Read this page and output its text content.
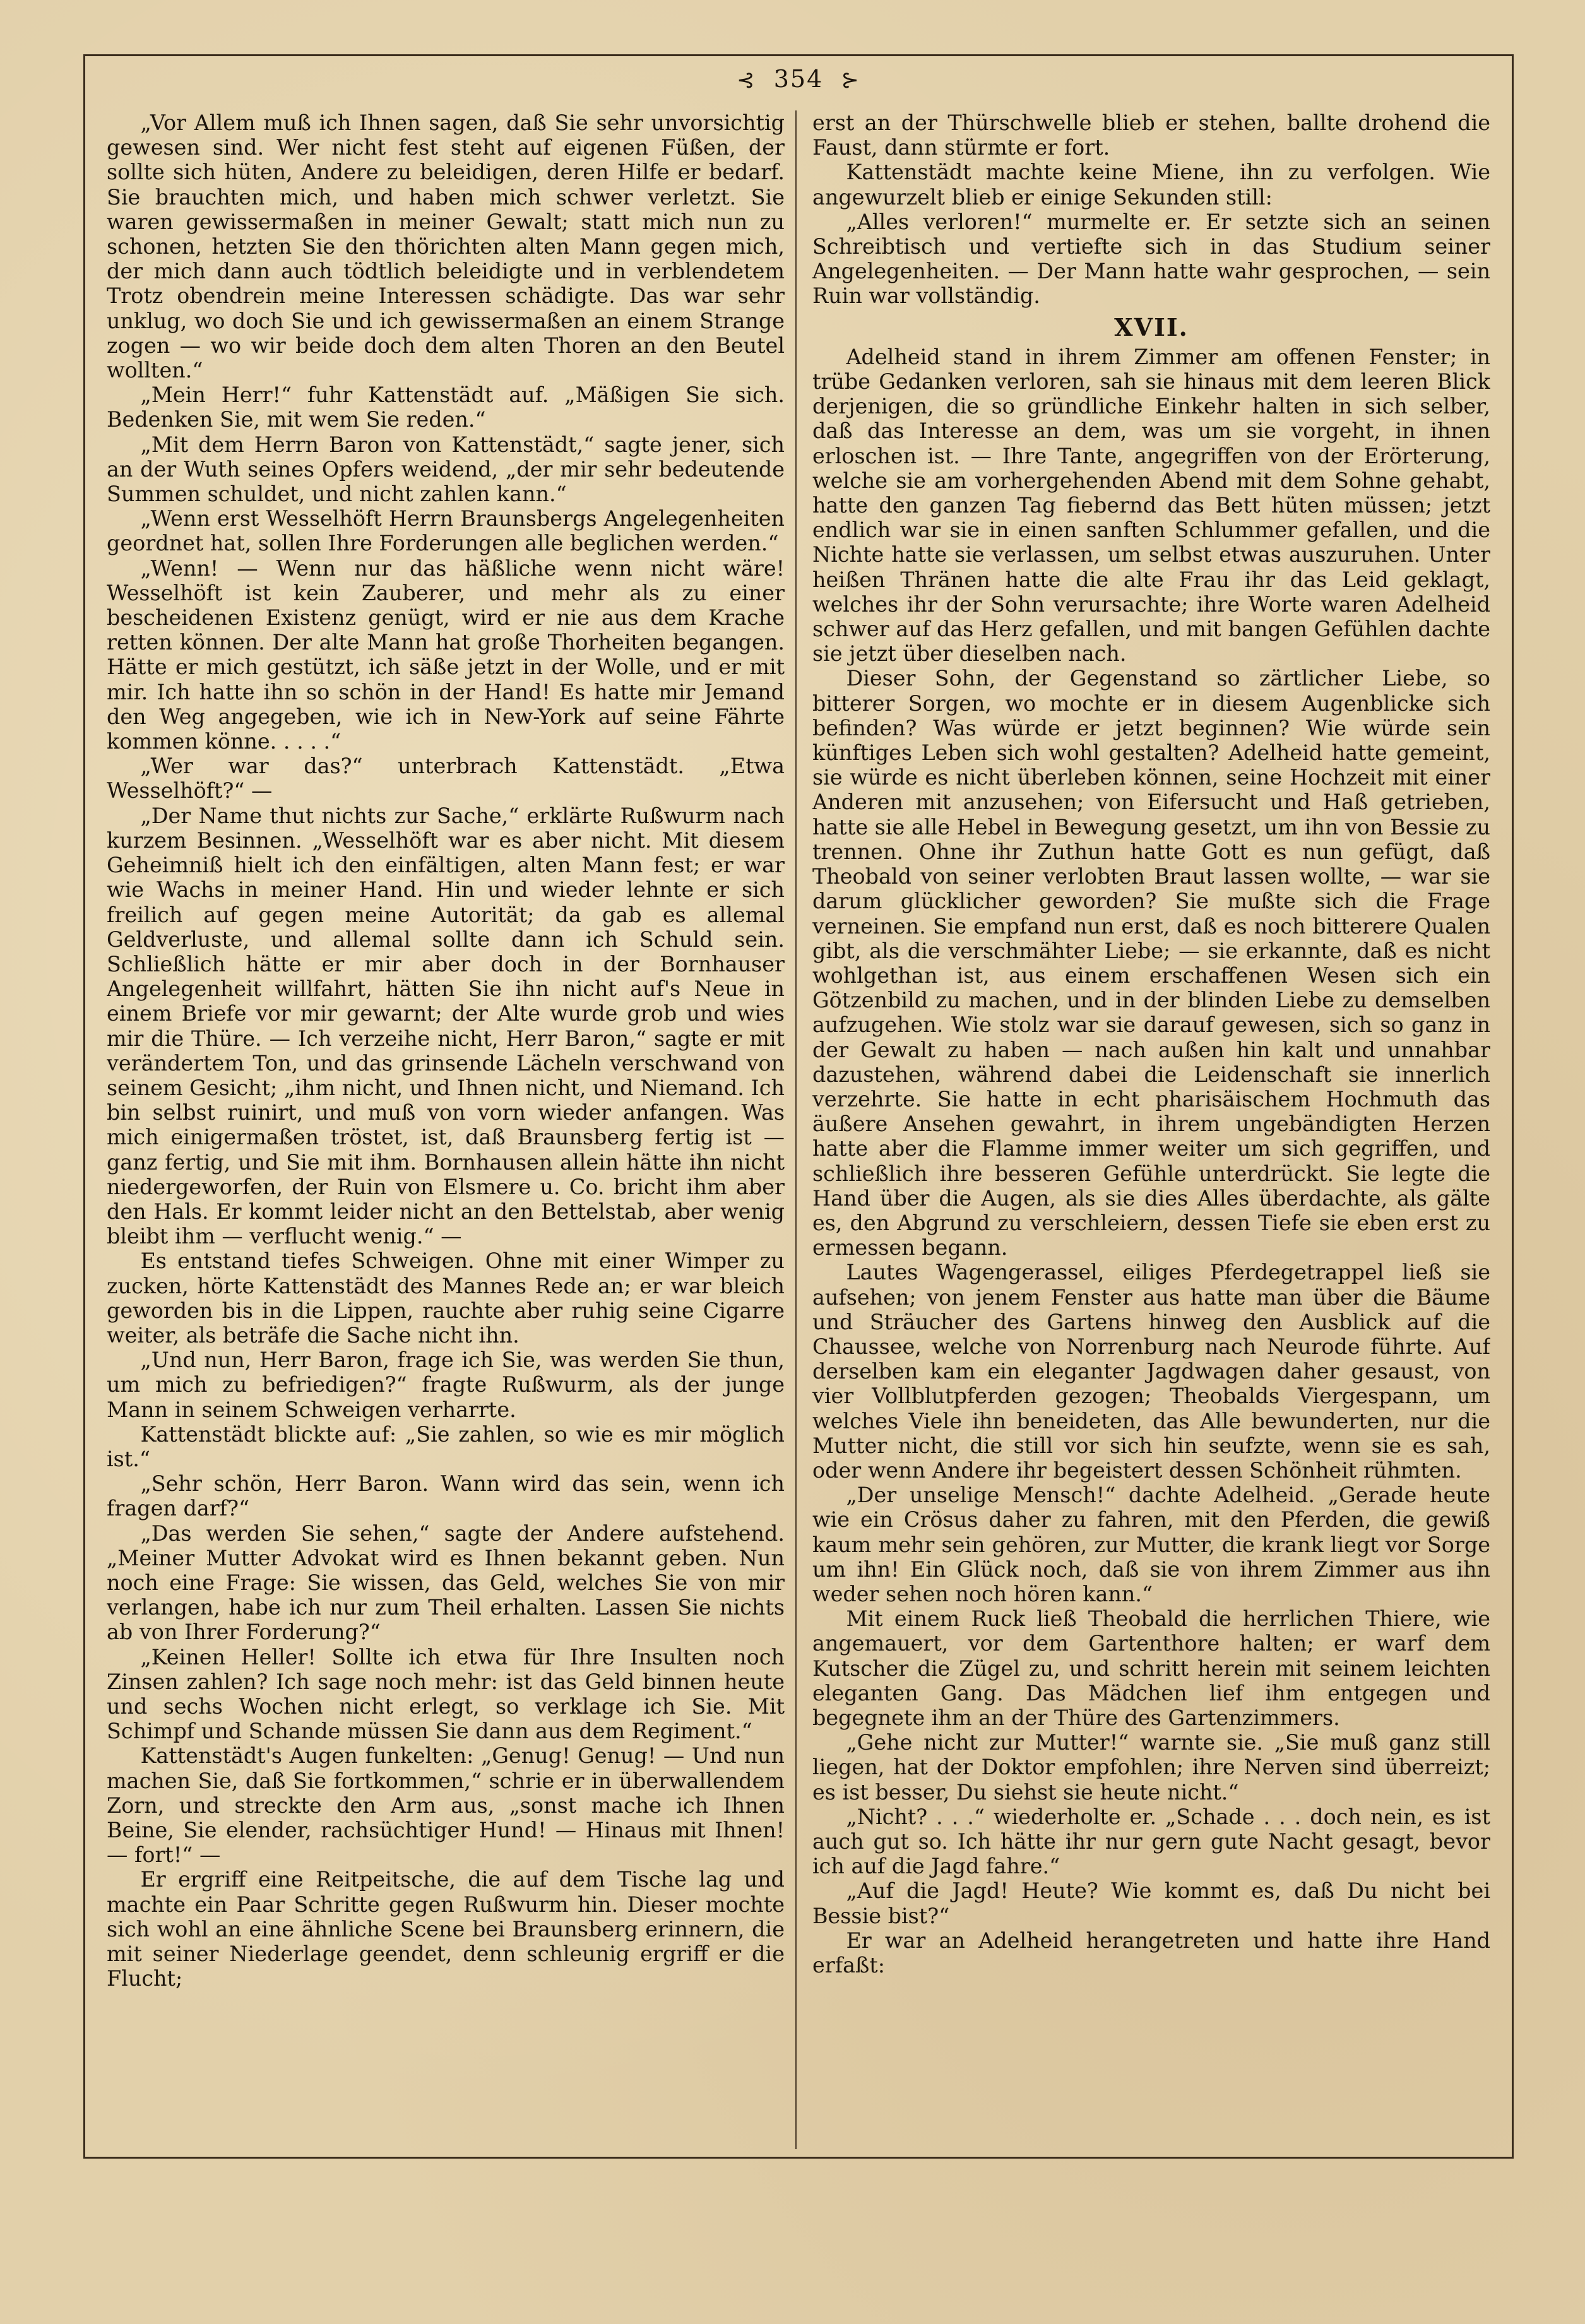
⊰ 354 ⊱

„Vor Allem muß ich Ihnen sagen, daß Sie sehr unvorsichtig gewesen sind. Wer nicht fest steht auf eigenen Füßen, der sollte sich hüten, Andere zu beleidigen, deren Hilfe er bedarf. Sie brauchten mich, und haben mich schwer verletzt. Sie waren gewissermaßen in meiner Gewalt; statt mich nun zu schonen, hetzten Sie den thörichten alten Mann gegen mich, der mich dann auch tödtlich beleidigte und in verblendetem Trotz obendrein meine Interessen schädigte. Das war sehr unklug, wo doch Sie und ich gewissermaßen an einem Strange zogen — wo wir beide doch dem alten Thoren an den Beutel wollten.“

„Mein Herr!“ fuhr Kattenstädt auf. „Mäßigen Sie sich. Bedenken Sie, mit wem Sie reden.“

„Mit dem Herrn Baron von Kattenstädt,“ sagte jener, sich an der Wuth seines Opfers weidend, „der mir sehr bedeutende Summen schuldet, und nicht zahlen kann.“

„Wenn erst Wesselhöft Herrn Braunsbergs Angelegenheiten geordnet hat, sollen Ihre Forderungen alle beglichen werden.“

„Wenn! — Wenn nur das häßliche wenn nicht wäre! Wesselhöft ist kein Zauberer, und mehr als zu einer bescheidenen Existenz genügt, wird er nie aus dem Krache retten können. Der alte Mann hat große Thorheiten begangen. Hätte er mich gestützt, ich säße jetzt in der Wolle, und er mit mir. Ich hatte ihn so schön in der Hand! Es hatte mir Jemand den Weg angegeben, wie ich in New-York auf seine Fährte kommen könne. . . . .“

„Wer war das?“ unterbrach Kattenstädt. „Etwa Wesselhöft?“ —

„Der Name thut nichts zur Sache,“ erklärte Rußwurm nach kurzem Besinnen. „Wesselhöft war es aber nicht. Mit diesem Geheimniß hielt ich den einfältigen, alten Mann fest; er war wie Wachs in meiner Hand. Hin und wieder lehnte er sich freilich auf gegen meine Autorität; da gab es allemal Geldverluste, und allemal sollte dann ich Schuld sein. Schließlich hätte er mir aber doch in der Bornhauser Angelegenheit willfahrt, hätten Sie ihn nicht auf's Neue in einem Briefe vor mir gewarnt; der Alte wurde grob und wies mir die Thüre. — Ich verzeihe nicht, Herr Baron,“ sagte er mit verändertem Ton, und das grinsende Lächeln verschwand von seinem Gesicht; „ihm nicht, und Ihnen nicht, und Niemand. Ich bin selbst ruinirt, und muß von vorn wieder anfangen. Was mich einigermaßen tröstet, ist, daß Braunsberg fertig ist — ganz fertig, und Sie mit ihm. Bornhausen allein hätte ihn nicht niedergeworfen, der Ruin von Elsmere u. Co. bricht ihm aber den Hals. Er kommt leider nicht an den Bettelstab, aber wenig bleibt ihm — verflucht wenig.“ —

Es entstand tiefes Schweigen. Ohne mit einer Wimper zu zucken, hörte Kattenstädt des Mannes Rede an; er war bleich geworden bis in die Lippen, rauchte aber ruhig seine Cigarre weiter, als beträfe die Sache nicht ihn.

„Und nun, Herr Baron, frage ich Sie, was werden Sie thun, um mich zu befriedigen?“ fragte Rußwurm, als der junge Mann in seinem Schweigen verharrte.

Kattenstädt blickte auf: „Sie zahlen, so wie es mir möglich ist.“

„Sehr schön, Herr Baron. Wann wird das sein, wenn ich fragen darf?“

„Das werden Sie sehen,“ sagte der Andere aufstehend. „Meiner Mutter Advokat wird es Ihnen bekannt geben. Nun noch eine Frage: Sie wissen, das Geld, welches Sie von mir verlangen, habe ich nur zum Theil erhalten. Lassen Sie nichts ab von Ihrer Forderung?“

„Keinen Heller! Sollte ich etwa für Ihre Insulten noch Zinsen zahlen? Ich sage noch mehr: ist das Geld binnen heute und sechs Wochen nicht erlegt, so verklage ich Sie. Mit Schimpf und Schande müssen Sie dann aus dem Regiment.“

Kattenstädt's Augen funkelten: „Genug! Genug! — Und nun machen Sie, daß Sie fortkommen,“ schrie er in überwallendem Zorn, und streckte den Arm aus, „sonst mache ich Ihnen Beine, Sie elender, rachsüchtiger Hund! — Hinaus mit Ihnen! — fort!“ —

Er ergriff eine Reitpeitsche, die auf dem Tische lag und machte ein Paar Schritte gegen Rußwurm hin. Dieser mochte sich wohl an eine ähnliche Scene bei Braunsberg erinnern, die mit seiner Niederlage geendet, denn schleunig ergriff er die Flucht;

erst an der Thürschwelle blieb er stehen, ballte drohend die Faust, dann stürmte er fort.

Kattenstädt machte keine Miene, ihn zu verfolgen. Wie angewurzelt blieb er einige Sekunden still:

„Alles verloren!“ murmelte er. Er setzte sich an seinen Schreibtisch und vertiefte sich in das Studium seiner Angelegenheiten. — Der Mann hatte wahr gesprochen, — sein Ruin war vollständig.

XVII.

Adelheid stand in ihrem Zimmer am offenen Fenster; in trübe Gedanken verloren, sah sie hinaus mit dem leeren Blick derjenigen, die so gründliche Einkehr halten in sich selber, daß das Interesse an dem, was um sie vorgeht, in ihnen erloschen ist. — Ihre Tante, angegriffen von der Erörterung, welche sie am vorhergehenden Abend mit dem Sohne gehabt, hatte den ganzen Tag fiebernd das Bett hüten müssen; jetzt endlich war sie in einen sanften Schlummer gefallen, und die Nichte hatte sie verlassen, um selbst etwas auszuruhen. Unter heißen Thränen hatte die alte Frau ihr das Leid geklagt, welches ihr der Sohn verursachte; ihre Worte waren Adelheid schwer auf das Herz gefallen, und mit bangen Gefühlen dachte sie jetzt über dieselben nach.

Dieser Sohn, der Gegenstand so zärtlicher Liebe, so bitterer Sorgen, wo mochte er in diesem Augenblicke sich befinden? Was würde er jetzt beginnen? Wie würde sein künftiges Leben sich wohl gestalten? Adelheid hatte gemeint, sie würde es nicht überleben können, seine Hochzeit mit einer Anderen mit anzusehen; von Eifersucht und Haß getrieben, hatte sie alle Hebel in Bewegung gesetzt, um ihn von Bessie zu trennen. Ohne ihr Zuthun hatte Gott es nun gefügt, daß Theobald von seiner verlobten Braut lassen wollte, — war sie darum glücklicher geworden? Sie mußte sich die Frage verneinen. Sie empfand nun erst, daß es noch bitterere Qualen gibt, als die verschmähter Liebe; — sie erkannte, daß es nicht wohlgethan ist, aus einem erschaffenen Wesen sich ein Götzenbild zu machen, und in der blinden Liebe zu demselben aufzugehen. Wie stolz war sie darauf gewesen, sich so ganz in der Gewalt zu haben — nach außen hin kalt und unnahbar dazustehen, während dabei die Leidenschaft sie innerlich verzehrte. Sie hatte in echt pharisäischem Hochmuth das äußere Ansehen gewahrt, in ihrem ungebändigten Herzen hatte aber die Flamme immer weiter um sich gegriffen, und schließlich ihre besseren Gefühle unterdrückt. Sie legte die Hand über die Augen, als sie dies Alles überdachte, als gälte es, den Abgrund zu verschleiern, dessen Tiefe sie eben erst zu ermessen begann.

Lautes Wagengerassel, eiliges Pferdegetrappel ließ sie aufsehen; von jenem Fenster aus hatte man über die Bäume und Sträucher des Gartens hinweg den Ausblick auf die Chaussee, welche von Norrenburg nach Neurode führte. Auf derselben kam ein eleganter Jagdwagen daher gesaust, von vier Vollblutpferden gezogen; Theobalds Viergespann, um welches Viele ihn beneideten, das Alle bewunderten, nur die Mutter nicht, die still vor sich hin seufzte, wenn sie es sah, oder wenn Andere ihr begeistert dessen Schönheit rühmten.

„Der unselige Mensch!“ dachte Adelheid. „Gerade heute wie ein Crösus daher zu fahren, mit den Pferden, die gewiß kaum mehr sein gehören, zur Mutter, die krank liegt vor Sorge um ihn! Ein Glück noch, daß sie von ihrem Zimmer aus ihn weder sehen noch hören kann.“

Mit einem Ruck ließ Theobald die herrlichen Thiere, wie angemauert, vor dem Gartenthore halten; er warf dem Kutscher die Zügel zu, und schritt herein mit seinem leichten eleganten Gang. Das Mädchen lief ihm entgegen und begegnete ihm an der Thüre des Gartenzimmers.

„Gehe nicht zur Mutter!“ warnte sie. „Sie muß ganz still liegen, hat der Doktor empfohlen; ihre Nerven sind überreizt; es ist besser, Du siehst sie heute nicht.“

„Nicht? . . .“ wiederholte er. „Schade . . . doch nein, es ist auch gut so. Ich hätte ihr nur gern gute Nacht gesagt, bevor ich auf die Jagd fahre.“

„Auf die Jagd! Heute? Wie kommt es, daß Du nicht bei Bessie bist?“

Er war an Adelheid herangetreten und hatte ihre Hand erfaßt:
